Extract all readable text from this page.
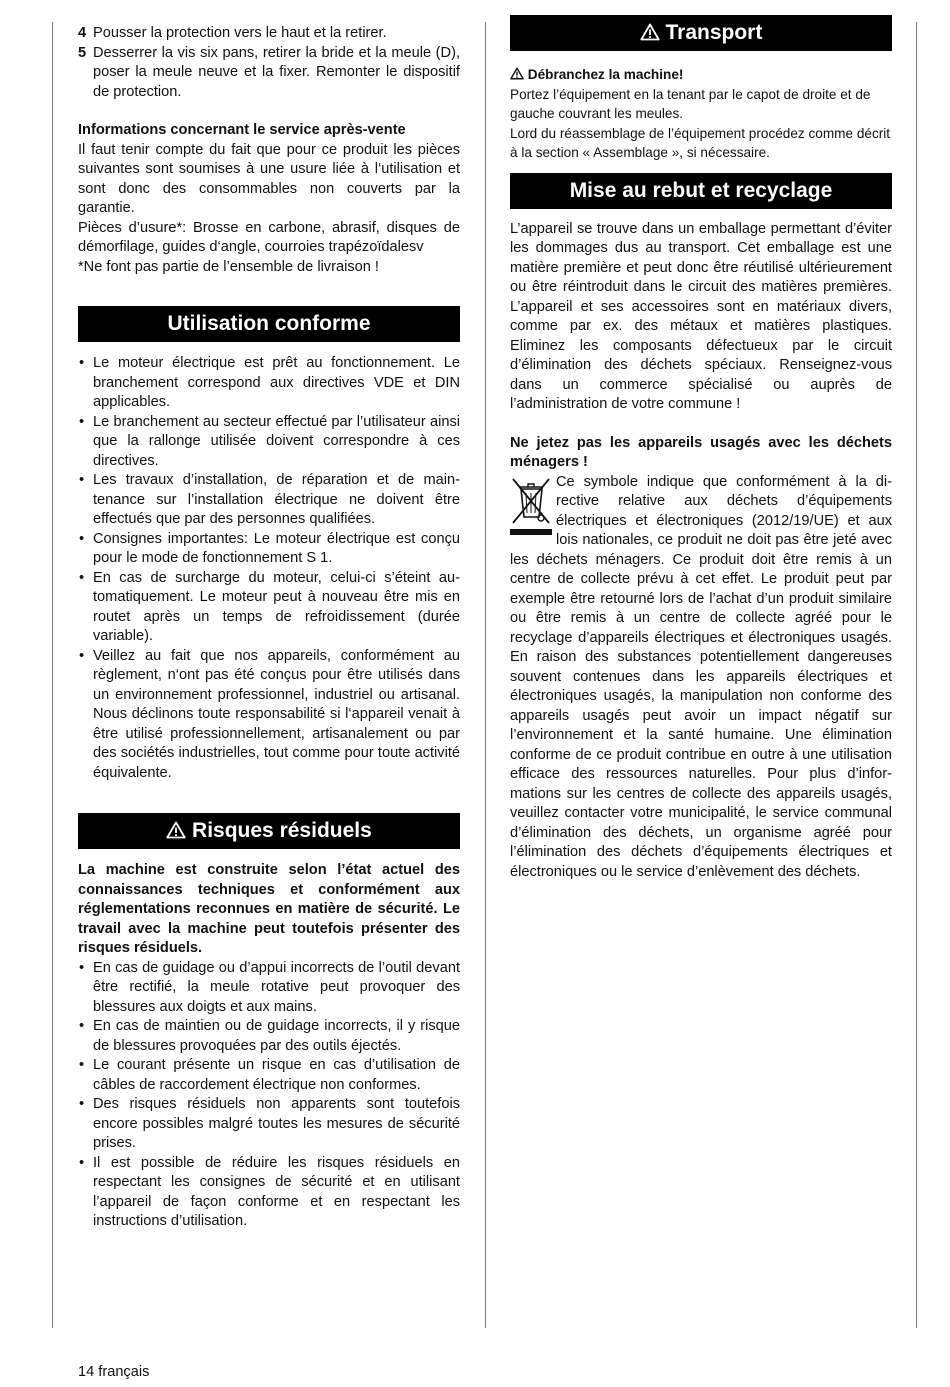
4 Pousser la protection vers le haut et la retirer.
5 Desserrer la vis six pans, retirer la bride et la meule (D), poser la meule neuve et la fixer. Remonter le dispositif de protection.

Informations concernant le service après-vente

Il faut tenir compte du fait que pour ce produit les pièces suivantes sont soumises à une usure liée à l‘utilisation et sont donc des consommables non couverts par la garantie.

Pièces d’usure*: Brosse en carbone, abrasif, disques de démorfilage, guides d‘angle, courroies trapézoïdalesv

*Ne font pas partie de l’ensemble de livraison !

Utilisation conforme
• Le moteur électrique est prêt au fonctionnement. Le branchement correspond aux directives VDE et DIN applicables.
• Le branchement au secteur effectué par l’utilisateur ainsi que la rallonge utilisée doivent correspondre à ces directives.
• Les travaux d’installation, de réparation et de maintenance sur l’installation électrique ne doivent être effectués que par des personnes qualifiées.
• Consignes importantes: Le moteur électrique est conçu pour le mode de fonctionnement S 1.
• En cas de surcharge du moteur, celui-ci s’éteint automatiquement. Le moteur peut à nouveau être mis en routet après un temps de refroidissement (durée variable).
• Veillez au fait que nos appareils, conformément au règlement, n‘ont pas été conçus pour être utilisés dans un environnement professionnel, industriel ou artisanal. Nous déclinons toute responsabilité si l‘appareil venait à être utilisé professionnellement, artisanalement ou par des sociétés industrielles, tout comme pour toute activité équivalente.
Risques résiduels

La machine est construite selon l’état actuel des connaissances techniques et conformément aux réglementations reconnues en matière de sécurité. Le travail avec la machine peut toutefois présenter des risques résiduels.

• En cas de guidage ou d’appui incorrects de l’outil devant être rectifié, la meule rotative peut provoquer des blessures aux doigts et aux mains.
• En cas de maintien ou de guidage incorrects, il y risque de blessures provoquées par des outils éjectés.
• Le courant présente un risque en cas d’utilisation de câbles de raccordement électrique non conformes.
• Des risques résiduels non apparents sont toutefois encore possibles malgré toutes les mesures de sécurité prises.
• Il est possible de réduire les risques résiduels en respectant les consignes de sécurité et en utilisant l’appareil de façon conforme et en respectant les instructions d’utilisation.
Transport

Débranchez la machine!

Portez l’équipement en la tenant par le capot de droite et de gauche couvrant les meules.

Lord du réassemblage de l’équipement procédez comme décrit à la section « Assemblage », si nécessaire.

Mise au rebut et recyclage

L’appareil se trouve dans un emballage permettant d’éviter les dommages dus au transport. Cet emballage est une matière première et peut donc être réutilisé ultérieurement ou être réintroduit dans le circuit des matières premières. L’appareil et ses accessoires sont en matériaux divers, comme par ex. des métaux et matières plastiques. Eliminez les composants défectueux par le circuit d’élimination des déchets spéciaux. Renseignez-vous dans un commerce spécialisé ou auprès de l’administration de votre commune !

Ne jetez pas les appareils usagés avec les déchets ménagers !

Ce symbole indique que conformément à la directive relative aux déchets d’équipements électriques et électroniques (2012/19/UE) et aux lois nationales, ce produit ne doit pas être jeté avec les déchets ménagers. Ce produit doit être remis à un centre de collecte prévu à cet effet. Le produit peut par exemple être retourné lors de l’achat d’un produit similaire ou être remis à un centre de collecte agréé pour le recyclage d’appareils électriques et électroniques usagés. En raison des substances potentiellement dangereuses souvent contenues dans les appareils électriques et électroniques usagés, la manipulation non conforme des appareils usagés peut avoir un impact négatif sur l’environnement et la santé humaine. Une élimination conforme de ce produit contribue en outre à une utilisation efficace des ressources naturelles. Pour plus d’informations sur les centres de collecte des appareils usagés, veuillez contacter votre municipalité, le service communal d’élimination des déchets, un organisme agréé pour l’élimination des déchets d’équipements électriques et électroniques ou le service d’enlèvement des déchets.

14 français
